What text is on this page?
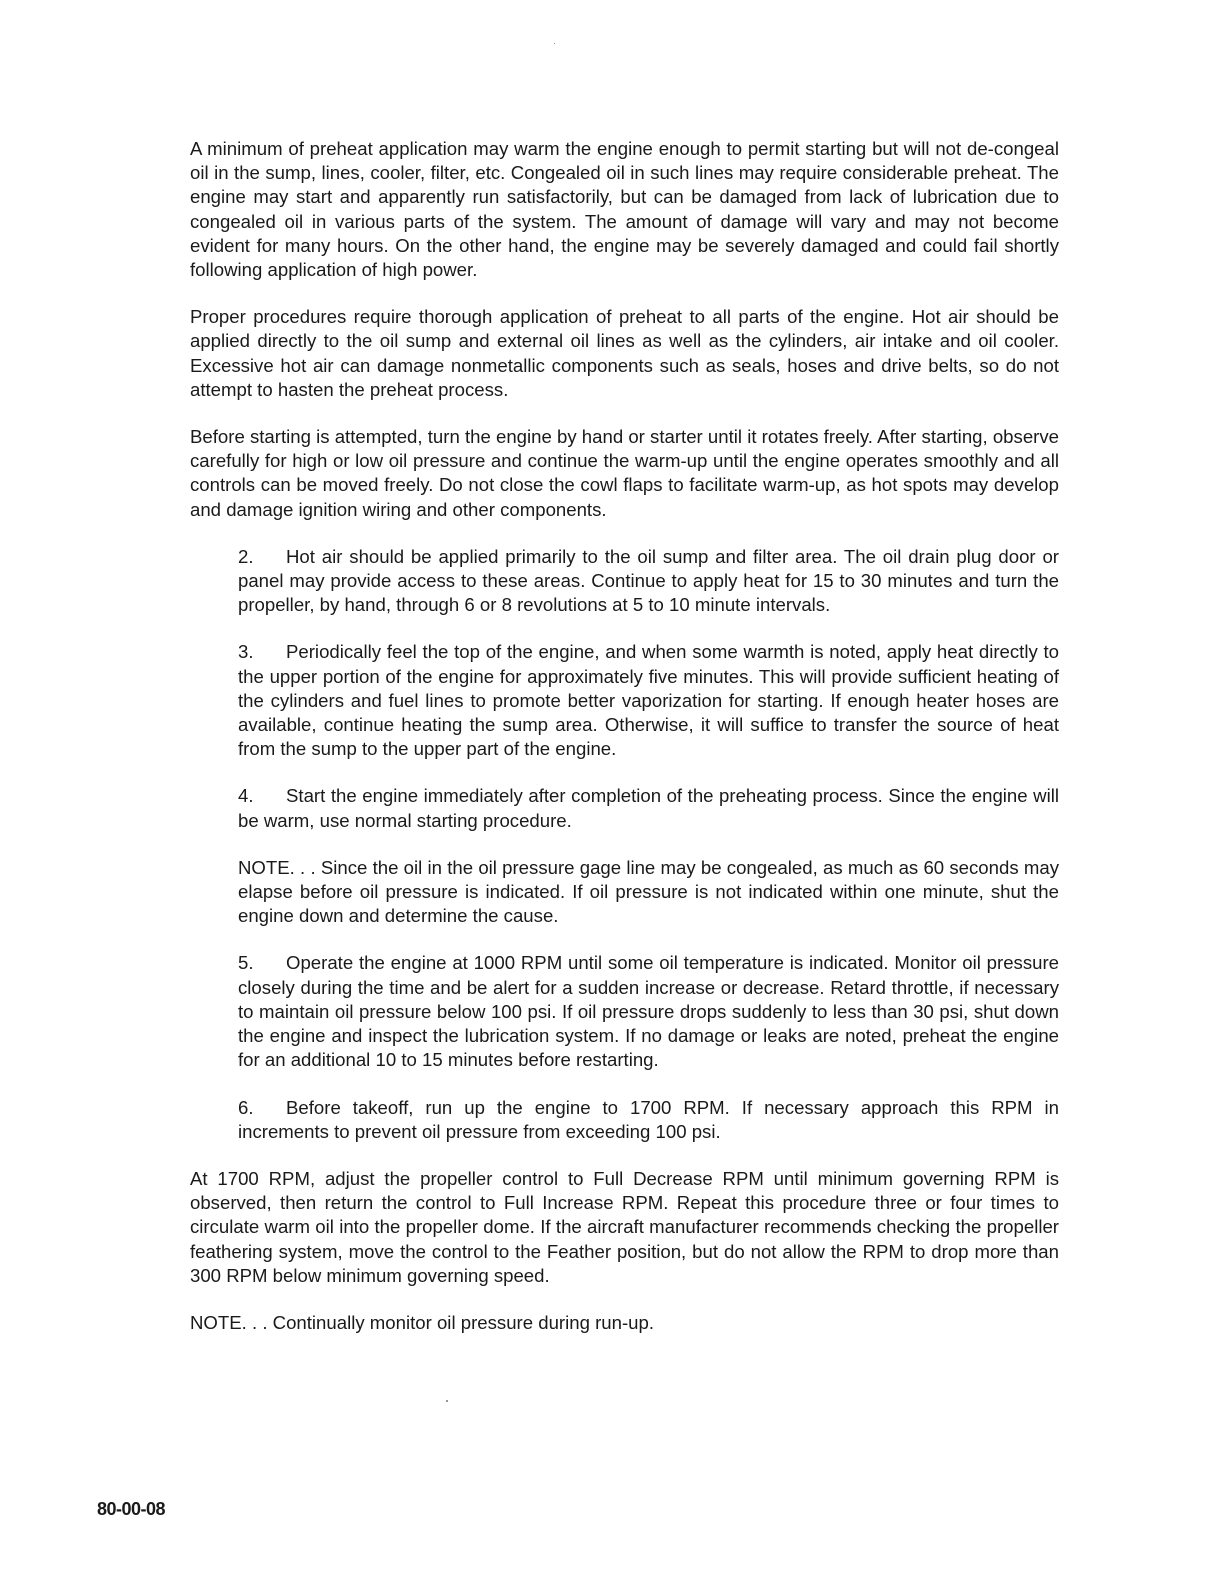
A minimum of preheat application may warm the engine enough to permit starting but will not de-congeal oil in the sump, lines, cooler, filter, etc. Congealed oil in such lines may require considerable preheat. The engine may start and apparently run satisfactorily, but can be damaged from lack of lubrication due to congealed oil in various parts of the system. The amount of damage will vary and may not become evident for many hours. On the other hand, the engine may be severely damaged and could fail shortly following application of high power.

Proper procedures require thorough application of preheat to all parts of the engine. Hot air should be applied directly to the oil sump and external oil lines as well as the cylinders, air intake and oil cooler. Excessive hot air can damage nonmetallic components such as seals, hoses and drive belts, so do not attempt to hasten the preheat process.

Before starting is attempted, turn the engine by hand or starter until it rotates freely. After starting, observe carefully for high or low oil pressure and continue the warm-up until the engine operates smoothly and all controls can be moved freely. Do not close the cowl flaps to facilitate warm-up, as hot spots may develop and damage ignition wiring and other components.

2. Hot air should be applied primarily to the oil sump and filter area. The oil drain plug door or panel may provide access to these areas. Continue to apply heat for 15 to 30 minutes and turn the propeller, by hand, through 6 or 8 revolutions at 5 to 10 minute intervals.

3. Periodically feel the top of the engine, and when some warmth is noted, apply heat directly to the upper portion of the engine for approximately five minutes. This will provide sufficient heating of the cylinders and fuel lines to promote better vaporization for starting. If enough heater hoses are available, continue heating the sump area. Otherwise, it will suffice to transfer the source of heat from the sump to the upper part of the engine.

4. Start the engine immediately after completion of the preheating process. Since the engine will be warm, use normal starting procedure.

NOTE. . . Since the oil in the oil pressure gage line may be congealed, as much as 60 seconds may elapse before oil pressure is indicated. If oil pressure is not indicated within one minute, shut the engine down and determine the cause.

5. Operate the engine at 1000 RPM until some oil temperature is indicated. Monitor oil pressure closely during the time and be alert for a sudden increase or decrease. Retard throttle, if necessary to maintain oil pressure below 100 psi. If oil pressure drops suddenly to less than 30 psi, shut down the engine and inspect the lubrication system. If no damage or leaks are noted, preheat the engine for an additional 10 to 15 minutes before restarting.

6. Before takeoff, run up the engine to 1700 RPM. If necessary approach this RPM in increments to prevent oil pressure from exceeding 100 psi.

At 1700 RPM, adjust the propeller control to Full Decrease RPM until minimum governing RPM is observed, then return the control to Full Increase RPM. Repeat this procedure three or four times to circulate warm oil into the propeller dome. If the aircraft manufacturer recommends checking the propeller feathering system, move the control to the Feather position, but do not allow the RPM to drop more than 300 RPM below minimum governing speed.

NOTE. . . Continually monitor oil pressure during run-up.

80-00-08
